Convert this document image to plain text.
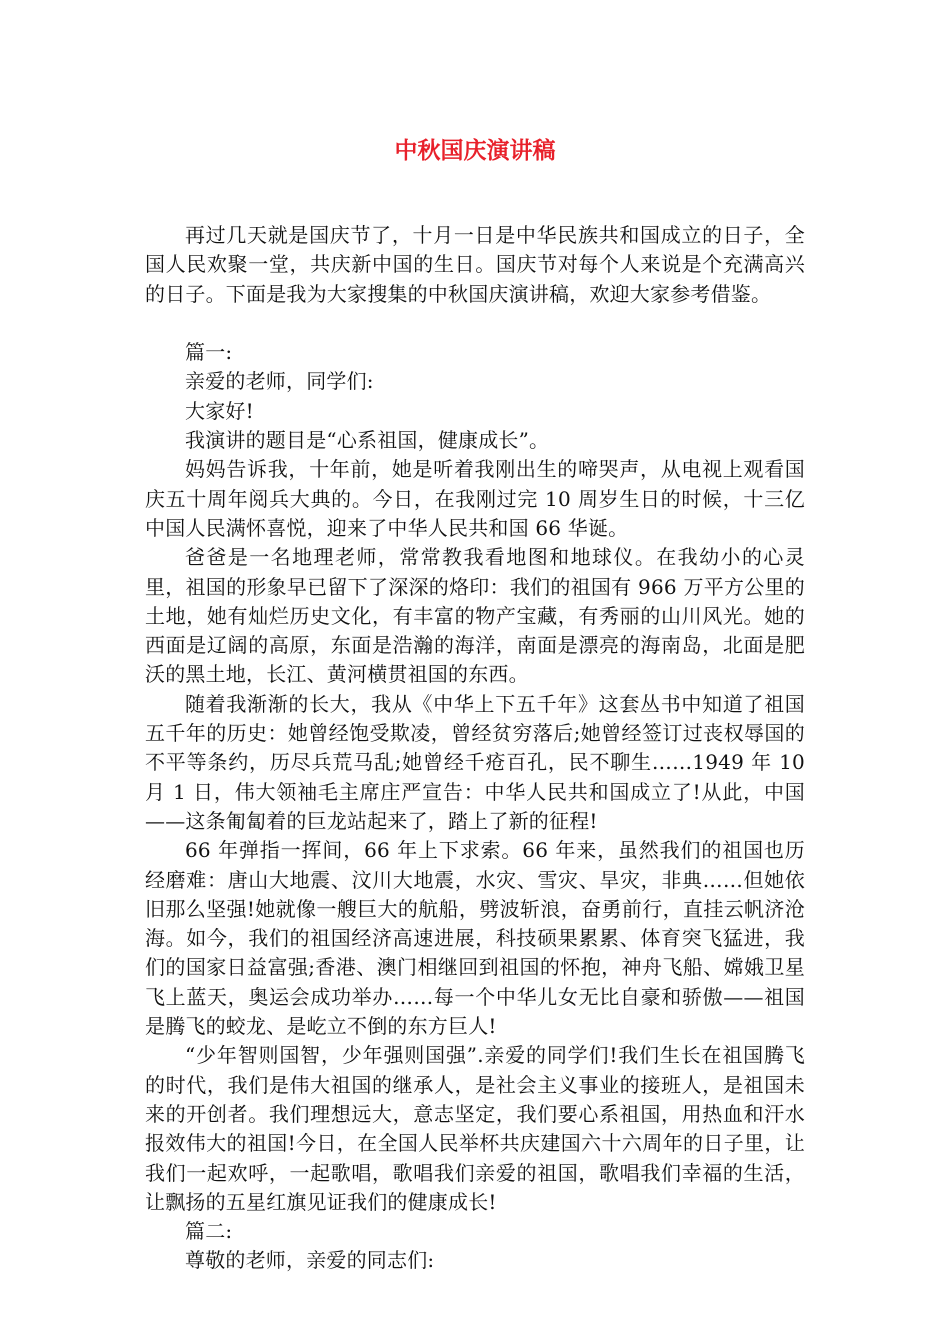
中秋国庆演讲稿

再过几天就是国庆节了，十月一日是中华民族共和国成立的日子，全国人民欢聚一堂，共庆新中国的生日。国庆节对每个人来说是个充满高兴的日子。下面是我为大家搜集的中秋国庆演讲稿，欢迎大家参考借鉴。

篇一:

亲爱的老师，同学们:

大家好!

我演讲的题目是“心系祖国，健康成长”。

妈妈告诉我，十年前，她是听着我刚出生的啼哭声，从电视上观看国庆五十周年阅兵大典的。今日，在我刚过完 10 周岁生日的时候，十三亿中国人民满怀喜悦，迎来了中华人民共和国 66 华诞。

爸爸是一名地理老师，常常教我看地图和地球仪。在我幼小的心灵里，祖国的形象早已留下了深深的烙印：我们的祖国有 966 万平方公里的土地，她有灿烂历史文化，有丰富的物产宝藏，有秀丽的山川风光。她的西面是辽阔的高原，东面是浩瀚的海洋，南面是漂亮的海南岛，北面是肥沃的黑土地，长江、黄河横贯祖国的东西。

随着我渐渐的长大，我从《中华上下五千年》这套丛书中知道了祖国五千年的历史：她曾经饱受欺凌，曾经贫穷落后;她曾经签订过丧权辱国的不平等条约，历尽兵荒马乱;她曾经千疮百孔，民不聊生……1949 年 10 月 1 日，伟大领袖毛主席庄严宣告：中华人民共和国成立了!从此，中国——这条匍匐着的巨龙站起来了，踏上了新的征程!

66 年弹指一挥间，66 年上下求索。66 年来，虽然我们的祖国也历经磨难：唐山大地震、汶川大地震，水灾、雪灾、旱灾，非典……但她依旧那么坚强!她就像一艘巨大的航船，劈波斩浪，奋勇前行，直挂云帆济沧海。如今，我们的祖国经济高速进展，科技硕果累累、体育突飞猛进，我们的国家日益富强;香港、澳门相继回到祖国的怀抱，神舟飞船、嫦娥卫星飞上蓝天，奥运会成功举办……每一个中华儿女无比自豪和骄傲——祖国是腾飞的蛟龙、是屹立不倒的东方巨人!

“少年智则国智，少年强则国强”.亲爱的同学们!我们生长在祖国腾飞的时代，我们是伟大祖国的继承人，是社会主义事业的接班人，是祖国未来的开创者。我们理想远大，意志坚定，我们要心系祖国，用热血和汗水报效伟大的祖国!今日，在全国人民举杯共庆建国六十六周年的日子里，让我们一起欢呼，一起歌唱，歌唱我们亲爱的祖国，歌唱我们幸福的生活，让飘扬的五星红旗见证我们的健康成长!

篇二:

尊敬的老师，亲爱的同志们:
